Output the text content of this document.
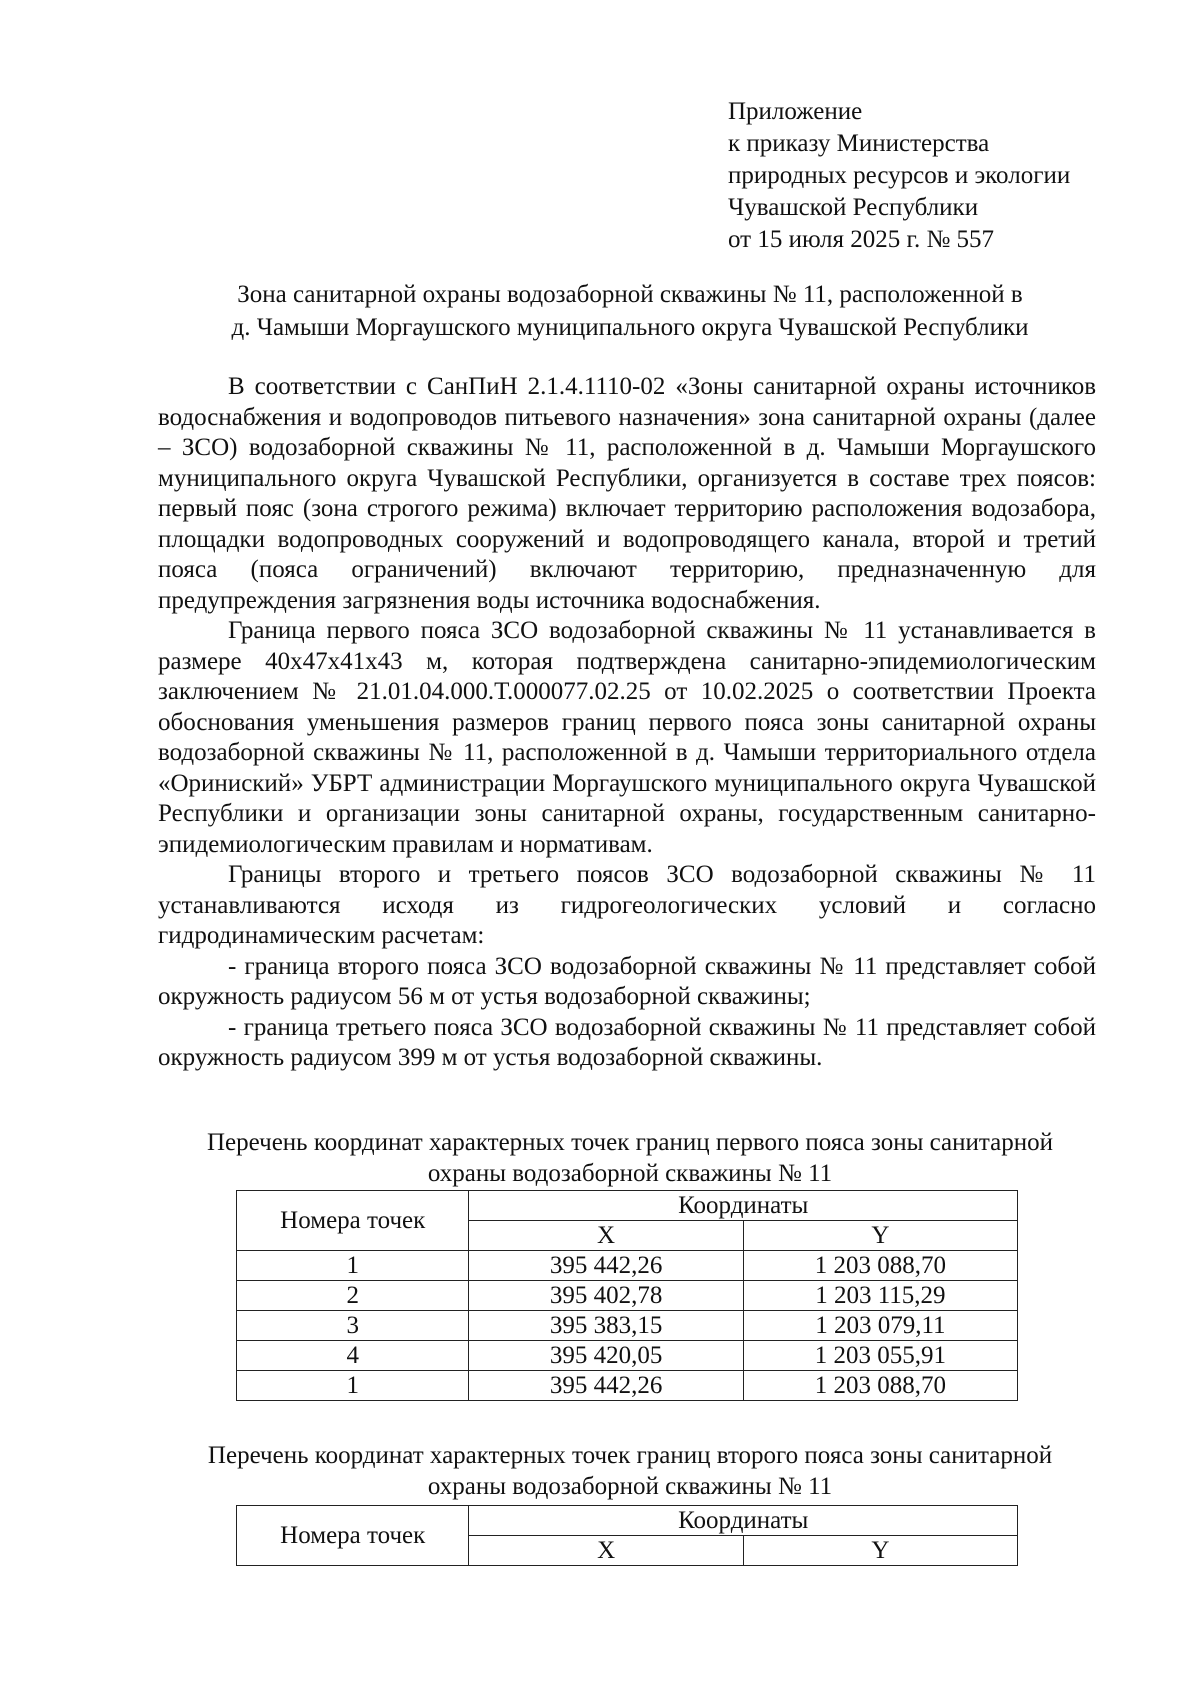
Приложение
к приказу Министерства
природных ресурсов и экологии
Чувашской Республики
от 15 июля 2025 г. № 557
Зона санитарной охраны водозаборной скважины № 11, расположенной в
д. Чамыши Моргаушского муниципального округа Чувашской Республики

В соответствии с СанПиН 2.1.4.1110-02 «Зоны санитарной охраны источников водоснабжения и водопроводов питьевого назначения» зона санитарной охраны (далее – ЗСО) водозаборной скважины № 11, расположенной в д. Чамыши Моргаушского муниципального округа Чувашской Республики, организуется в составе трех поясов: первый пояс (зона строгого режима) включает территорию расположения водозабора, площадки водопроводных сооружений и водопроводящего канала, второй и третий пояса (пояса ограничений) включают территорию, предназначенную для предупреждения загрязнения воды источника водоснабжения.

Граница первого пояса ЗСО водозаборной скважины № 11 устанавливается в размере 40х47х41х43 м, которая подтверждена санитарно-эпидемиологическим заключением № 21.01.04.000.Т.000077.02.25 от 10.02.2025 о соответствии Проекта обоснования уменьшения размеров границ первого пояса зоны санитарной охраны водозаборной скважины № 11, расположенной в д. Чамыши территориального отдела «Ориниский» УБРТ администрации Моргаушского муниципального округа Чувашской Республики и организации зоны санитарной охраны, государственным санитарно-эпидемиологическим правилам и нормативам.

Границы второго и третьего поясов ЗСО водозаборной скважины № 11 устанавливаются исходя из гидрогеологических условий и согласно гидродинамическим расчетам:

- граница второго пояса ЗСО водозаборной скважины № 11 представляет собой окружность радиусом 56 м от устья водозаборной скважины;

- граница третьего пояса ЗСО водозаборной скважины № 11 представляет собой окружность радиусом 399 м от устья водозаборной скважины.

Перечень координат характерных точек границ первого пояса зоны санитарной
охраны водозаборной скважины № 11
Номера точек	Координаты	
	X	Y
1	395 442,26	1 203 088,70
2	395 402,78	1 203 115,29
3	395 383,15	1 203 079,11
4	395 420,05	1 203 055,91
1	395 442,26	1 203 088,70
Перечень координат характерных точек границ второго пояса зоны санитарной
охраны водозаборной скважины № 11
Номера точек	Координаты	
	X	Y
